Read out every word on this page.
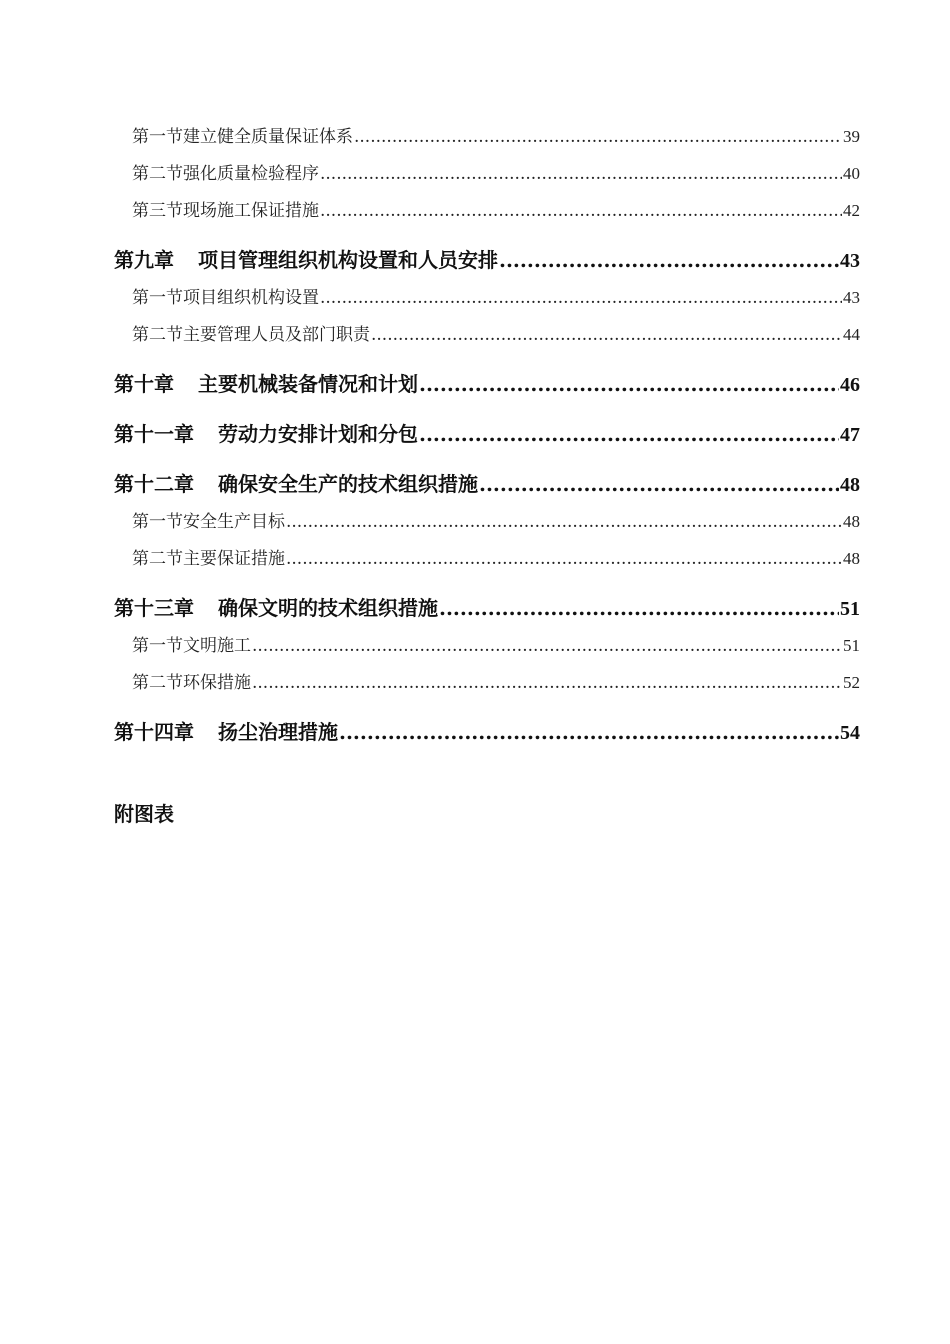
第一节 建立健全质量保证体系 .....	39
第二节 强化质量检验程序 .....	40
第三节 现场施工保证措施 .....	42
第九章 项目管理组织机构设置和人员安排 .....	43
第一节 项目组织机构设置 .....	43
第二节 主要管理人员及部门职责 .....	44
第十章 主要机械装备情况和计划 .....	46
第十一章 劳动力安排计划和分包 .....	47
第十二章 确保安全生产的技术组织措施 .....	48
第一节 安全生产目标 .....	48
第二节 主要保证措施 .....	48
第十三章 确保文明的技术组织措施 .....	51
第一节 文明施工 .....	51
第二节 环保措施 .....	52
第十四章 扬尘治理措施 .....	54
附图表
